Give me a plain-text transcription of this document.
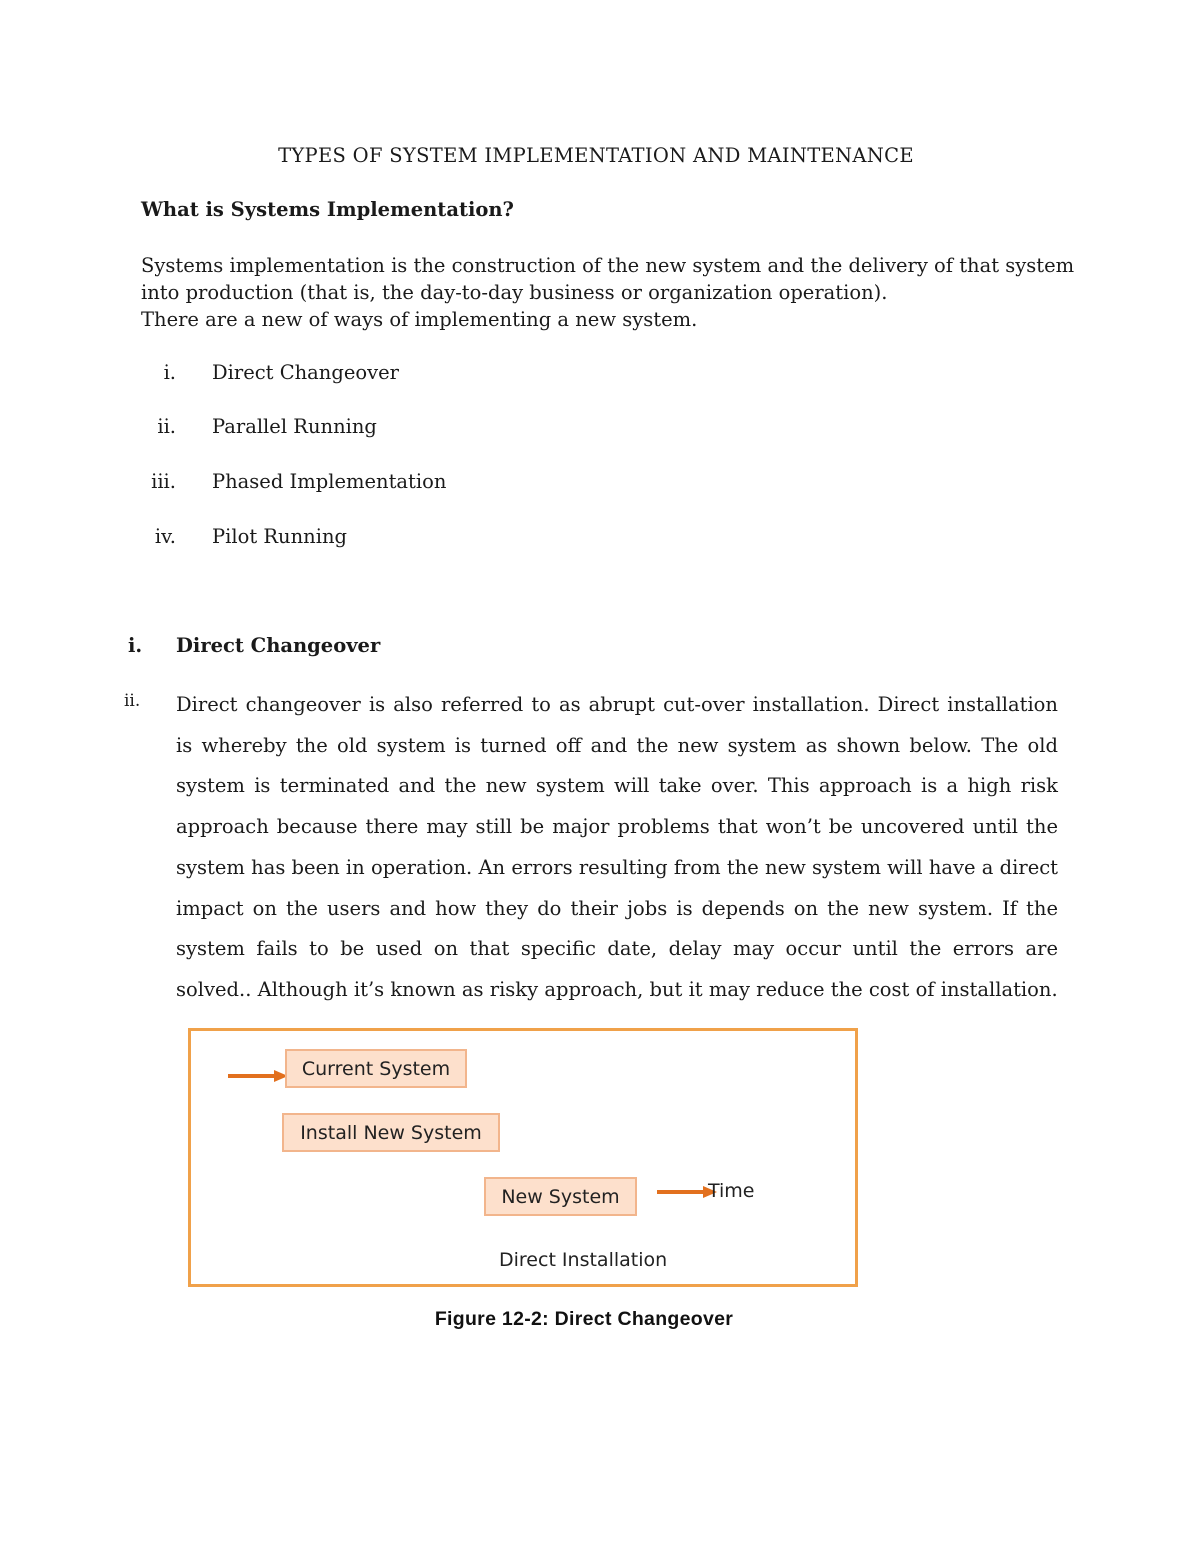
TYPES OF SYSTEM IMPLEMENTATION AND MAINTENANCE
What is Systems Implementation?
Systems implementation is the construction of the new system and the delivery of that system
into production (that is, the day-to-day business or organization operation).
There are a new of ways of implementing a new system.
i. Direct Changeover
ii. Parallel Running
iii. Phased Implementation
iv. Pilot Running
i. Direct Changeover
ii. Direct changeover is also referred to as abrupt cut-over installation. Direct installation is whereby the old system is turned off and the new system as shown below. The old system is terminated and the new system will take over. This approach is a high risk approach because there may still be major problems that won’t be uncovered until the system has been in operation. An errors resulting from the new system will have a direct impact on the users and how they do their jobs is depends on the new system. If the system fails to be used on that specific date, delay may occur until the errors are solved.. Although it’s known as risky approach, but it may reduce the cost of installation.
Current System
Install New System
New System	Time
Direct Installation
Figure 12-2: Direct Changeover
